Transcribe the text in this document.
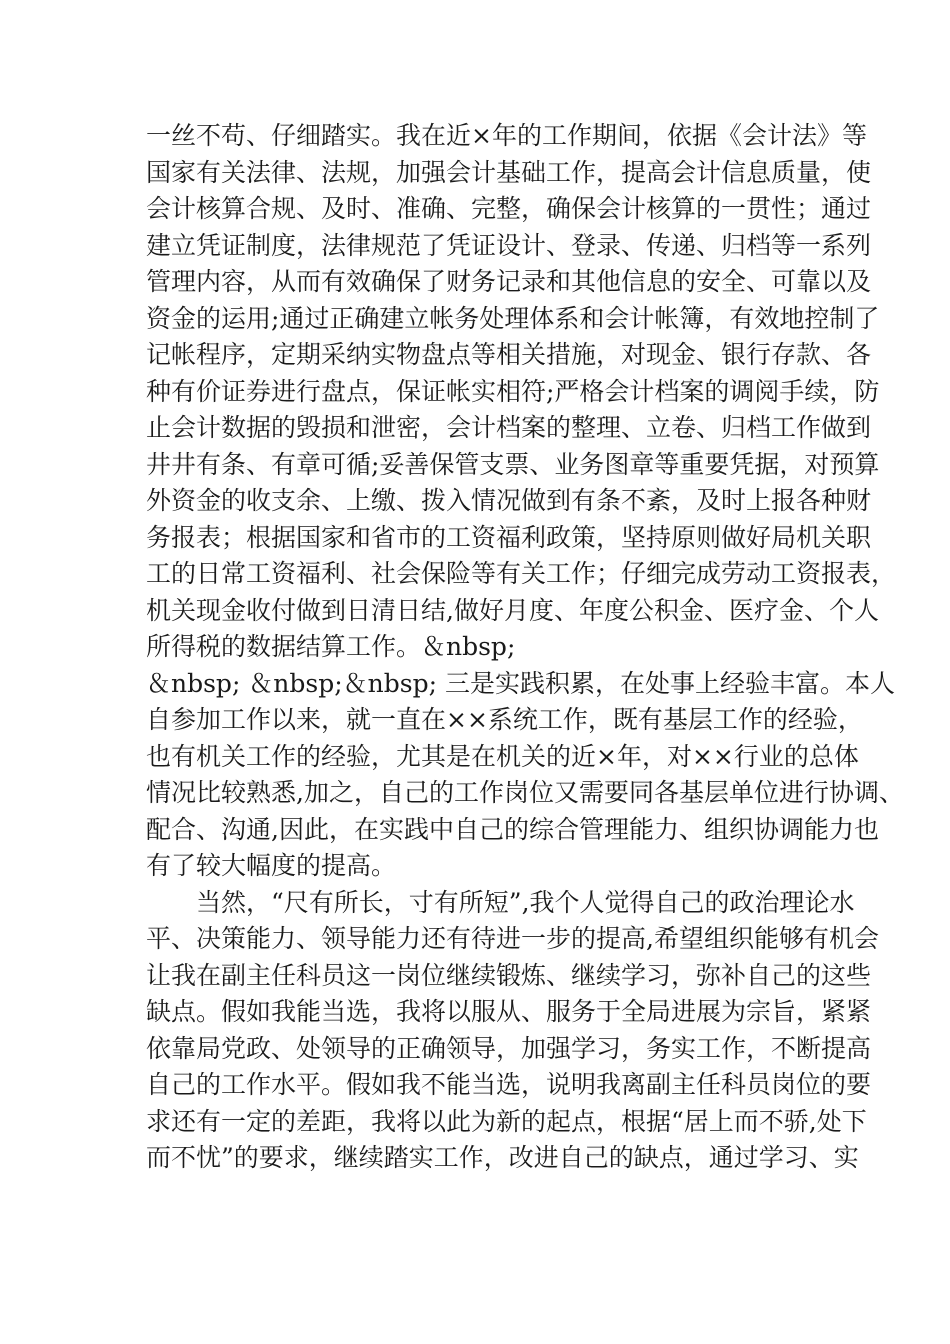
一丝不苟、仔细踏实。我在近×年的工作期间，依据《会计法》等
国家有关法律、法规，加强会计基础工作，提高会计信息质量，使
会计核算合规、及时、准确、完整，确保会计核算的一贯性；通过
建立凭证制度，法律规范了凭证设计、登录、传递、归档等一系列
管理内容，从而有效确保了财务记录和其他信息的安全、可靠以及
资金的运用;通过正确建立帐务处理体系和会计帐簿，有效地控制了
记帐程序，定期采纳实物盘点等相关措施，对现金、银行存款、各
种有价证券进行盘点，保证帐实相符;严格会计档案的调阅手续，防
止会计数据的毁损和泄密，会计档案的整理、立卷、归档工作做到
井井有条、有章可循;妥善保管支票、业务图章等重要凭据，对预算
外资金的收支余、上缴、拨入情况做到有条不紊，及时上报各种财
务报表；根据国家和省市的工资福利政策，坚持原则做好局机关职
工的日常工资福利、社会保险等有关工作；仔细完成劳动工资报表，
机关现金收付做到日清日结,做好月度、年度公积金、医疗金、个人
所得税的数据结算工作。＆nbsp;
＆nbsp; ＆nbsp;＆nbsp; 三是实践积累，在处事上经验丰富。本人
自参加工作以来，就一直在××系统工作，既有基层工作的经验，
也有机关工作的经验，尤其是在机关的近×年，对××行业的总体
情况比较熟悉,加之，自己的工作岗位又需要同各基层单位进行协调、
配合、沟通,因此，在实践中自己的综合管理能力、组织协调能力也
有了较大幅度的提高。
　　当然，“尺有所长，寸有所短”,我个人觉得自己的政治理论水
平、决策能力、领导能力还有待进一步的提高,希望组织能够有机会
让我在副主任科员这一岗位继续锻炼、继续学习，弥补自己的这些
缺点。假如我能当选，我将以服从、服务于全局进展为宗旨，紧紧
依靠局党政、处领导的正确领导，加强学习，务实工作，不断提高
自己的工作水平。假如我不能当选，说明我离副主任科员岗位的要
求还有一定的差距，我将以此为新的起点，根据“居上而不骄,处下
而不忧”的要求，继续踏实工作，改进自己的缺点，通过学习、实
